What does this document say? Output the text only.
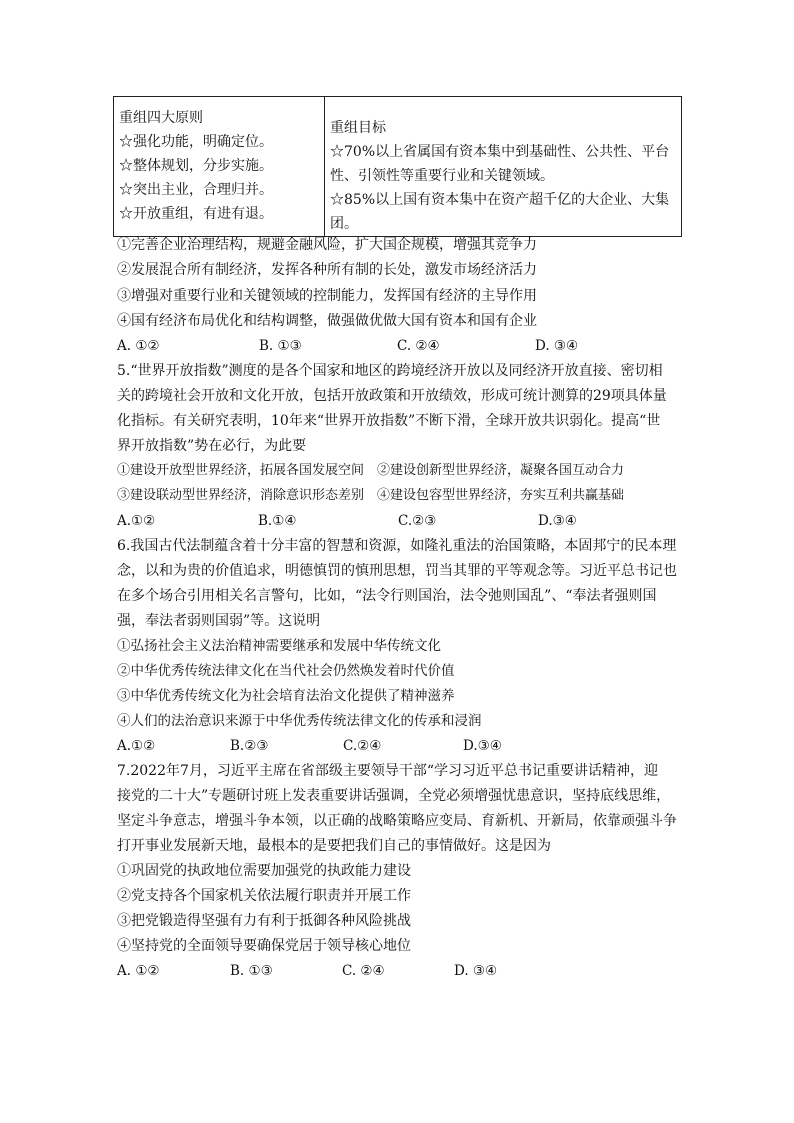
重组四大原则
☆强化功能，明确定位。
☆整体规划，分步实施。
☆突出主业，合理归并。
☆开放重组，有进有退。

重组目标
☆70%以上省属国有资本集中到基础性、公共性、平台性、引领性等重要行业和关键领域。
☆85%以上国有资本集中在资产超千亿的大企业、大集团。
①完善企业治理结构，规避金融风险，扩大国企规模，增强其竞争力
②发展混合所有制经济，发挥各种所有制的长处，激发市场经济活力
③增强对重要行业和关键领域的控制能力，发挥国有经济的主导作用
④国有经济布局优化和结构调整，做强做优做大国有资本和国有企业
A. ①②	B. ①③	C. ②④	D. ③④
5.“世界开放指数”测度的是各个国家和地区的跨境经济开放以及同经济开放直接、密切相
关的跨境社会开放和文化开放，包括开放政策和开放绩效，形成可统计测算的29项具体量
化指标。有关研究表明，10年来“世界开放指数”不断下滑，全球开放共识弱化。提高“世
界开放指数”势在必行，为此要
①建设开放型世界经济，拓展各国发展空间　②建设创新型世界经济，凝聚各国互动合力
③建设联动型世界经济，消除意识形态差别　④建设包容型世界经济，夯实互利共赢基础
A.①②	B.①④	C.②③	D.③④
6.我国古代法制蕴含着十分丰富的智慧和资源，如隆礼重法的治国策略，本固邦宁的民本理
念，以和为贵的价值追求，明德慎罚的慎刑思想，罚当其罪的平等观念等。习近平总书记也
在多个场合引用相关名言警句，比如，“法令行则国治，法令弛则国乱”、“奉法者强则国
强，奉法者弱则国弱”等。这说明
①弘扬社会主义法治精神需要继承和发展中华传统文化
②中华优秀传统法律文化在当代社会仍然焕发着时代价值
③中华优秀传统文化为社会培育法治文化提供了精神滋养
④人们的法治意识来源于中华优秀传统法律文化的传承和浸润
A.①②	B.②③	C.②④	D.③④
7.2022年7月，习近平主席在省部级主要领导干部“学习习近平总书记重要讲话精神，迎
接党的二十大”专题研讨班上发表重要讲话强调，全党必须增强忧患意识，坚持底线思维，
坚定斗争意志，增强斗争本领，以正确的战略策略应变局、育新机、开新局，依靠顽强斗争
打开事业发展新天地，最根本的是要把我们自己的事情做好。这是因为
①巩固党的执政地位需要加强党的执政能力建设
②党支持各个国家机关依法履行职责并开展工作
③把党锻造得坚强有力有利于抵御各种风险挑战
④坚持党的全面领导要确保党居于领导核心地位
A. ①②	B. ①③	C. ②④	D. ③④
